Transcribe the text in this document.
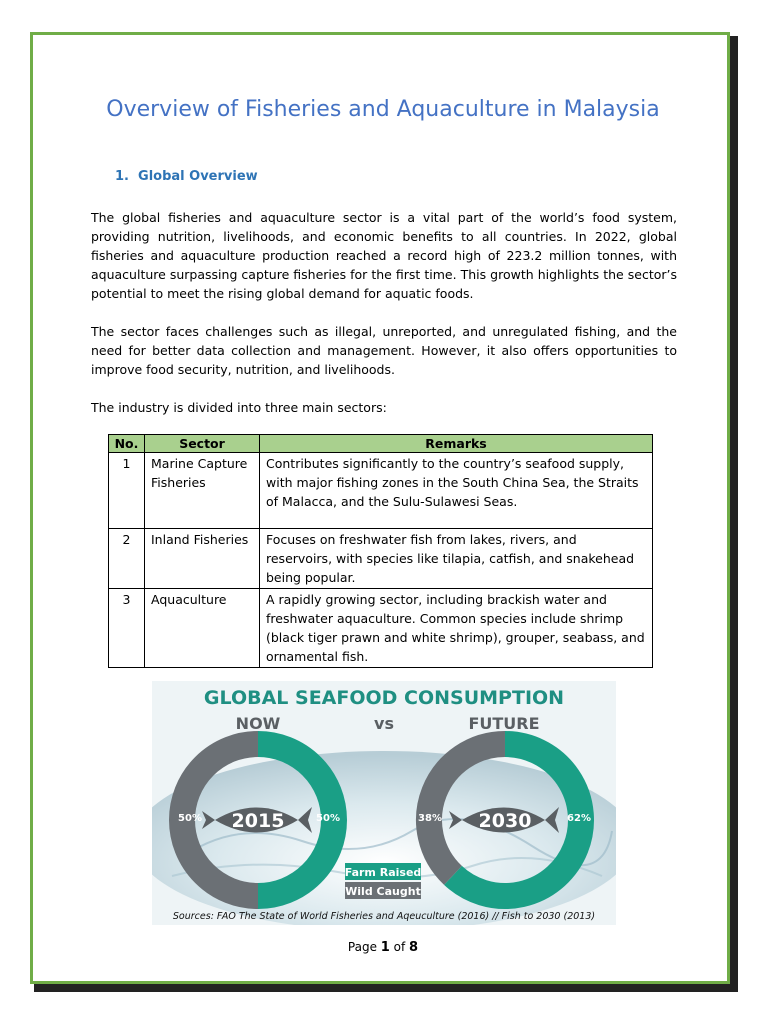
Overview of Fisheries and Aquaculture in Malaysia
1.  Global Overview

The global fisheries and aquaculture sector is a vital part of the world’s food system, providing nutrition, livelihoods, and economic benefits to all countries. In 2022, global fisheries and aquaculture production reached a record high of 223.2 million tonnes, with aquaculture surpassing capture fisheries for the first time. This growth highlights the sector’s potential to meet the rising global demand for aquatic foods.

The sector faces challenges such as illegal, unreported, and unregulated fishing, and the need for better data collection and management. However, it also offers opportunities to improve food security, nutrition, and livelihoods.

The industry is divided into three main sectors:

No.	Sector	Remarks
1	Marine Capture Fisheries	Contributes significantly to the country’s seafood supply, with major fishing zones in the South China Sea, the Straits of Malacca, and the Sulu-Sulawesi Seas.
2	Inland Fisheries	Focuses on freshwater fish from lakes, rivers, and reservoirs, with species like tilapia, catfish, and snakehead being popular.
3	Aquaculture	A rapidly growing sector, including brackish water and freshwater aquaculture. Common species include shrimp (black tiger prawn and white shrimp), grouper, seabass, and ornamental fish.
GLOBAL SEAFOOD CONSUMPTION
NOW	vs	FUTURE
2015	2030
50%	50%	38%	62%
Farm Raised
Wild Caught
Sources: FAO The State of World Fisheries and Aqeuculture (2016) // Fish to 2030 (2013)
Page 1 of 8
